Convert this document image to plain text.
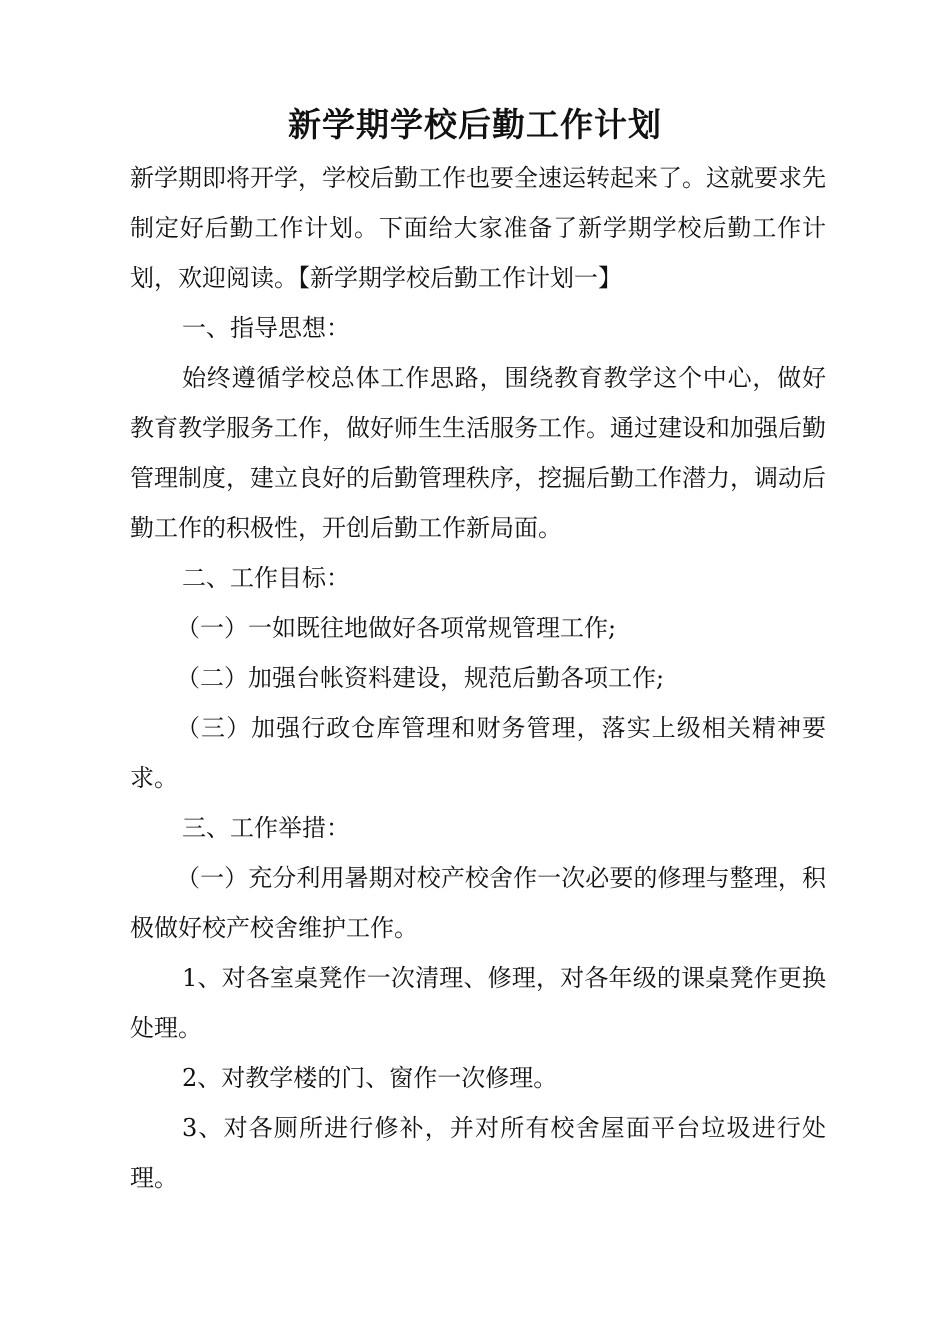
新学期学校后勤工作计划

新学期即将开学，学校后勤工作也要全速运转起来了。这就要求先制定好后勤工作计划。下面给大家准备了新学期学校后勤工作计划，欢迎阅读。【新学期学校后勤工作计划一】

一、指导思想：

始终遵循学校总体工作思路，围绕教育教学这个中心，做好教育教学服务工作，做好师生生活服务工作。通过建设和加强后勤管理制度，建立良好的后勤管理秩序，挖掘后勤工作潜力，调动后勤工作的积极性，开创后勤工作新局面。

二、工作目标：

（一）一如既往地做好各项常规管理工作;

（二）加强台帐资料建设，规范后勤各项工作;

（三）加强行政仓库管理和财务管理，落实上级相关精神要求。

三、工作举措：

（一）充分利用暑期对校产校舍作一次必要的修理与整理，积极做好校产校舍维护工作。

1、对各室桌凳作一次清理、修理，对各年级的课桌凳作更换处理。

2、对教学楼的门、窗作一次修理。

3、对各厕所进行修补，并对所有校舍屋面平台垃圾进行处理。
